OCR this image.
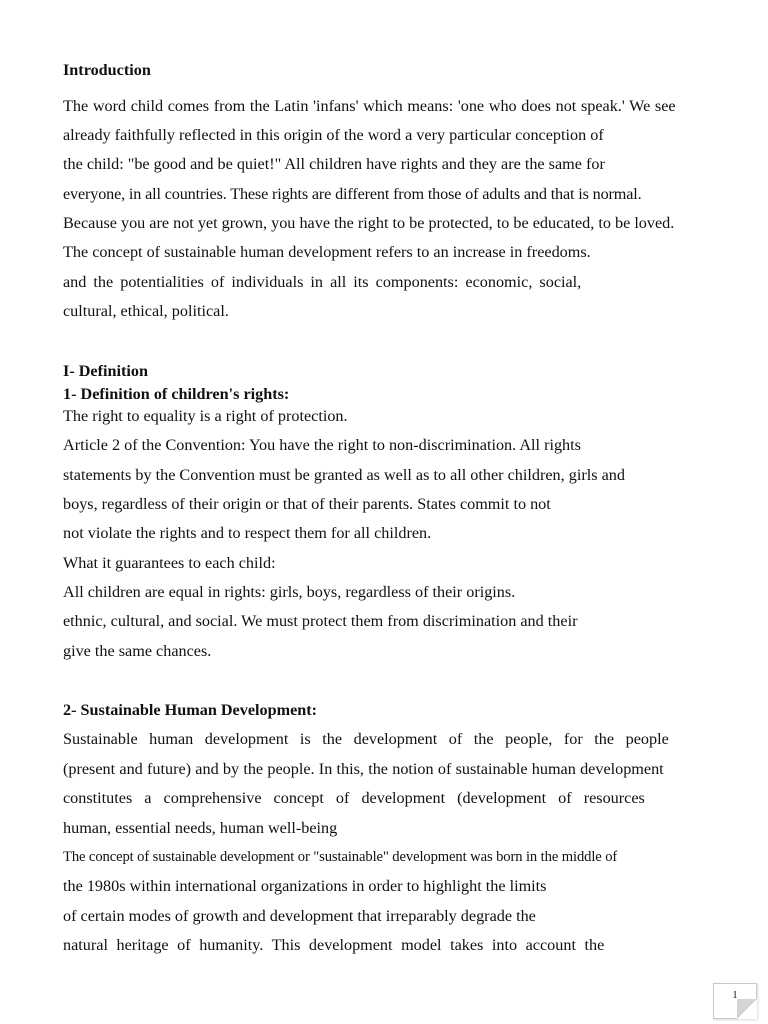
Introduction
The word child comes from the Latin 'infans' which means: 'one who does not speak.' We see
already faithfully reflected in this origin of the word a very particular conception of
the child: "be good and be quiet!" All children have rights and they are the same for
everyone, in all countries. These rights are different from those of adults and that is normal.
Because you are not yet grown, you have the right to be protected, to be educated, to be loved.
The concept of sustainable human development refers to an increase in freedoms.
and the potentialities of individuals in all its components: economic, social,
cultural, ethical, political.
I- Definition
1- Definition of children's rights:
The right to equality is a right of protection.
Article 2 of the Convention: You have the right to non-discrimination. All rights
statements by the Convention must be granted as well as to all other children, girls and
boys, regardless of their origin or that of their parents. States commit to not
not violate the rights and to respect them for all children.
What it guarantees to each child:
All children are equal in rights: girls, boys, regardless of their origins.
ethnic, cultural, and social. We must protect them from discrimination and their
give the same chances.
2- Sustainable Human Development:
Sustainable human development is the development of the people, for the people
(present and future) and by the people. In this, the notion of sustainable human development
constitutes a comprehensive concept of development (development of resources
human, essential needs, human well-being
The concept of sustainable development or "sustainable" development was born in the middle of
the 1980s within international organizations in order to highlight the limits
of certain modes of growth and development that irreparably degrade the
natural heritage of humanity. This development model takes into account the
1
